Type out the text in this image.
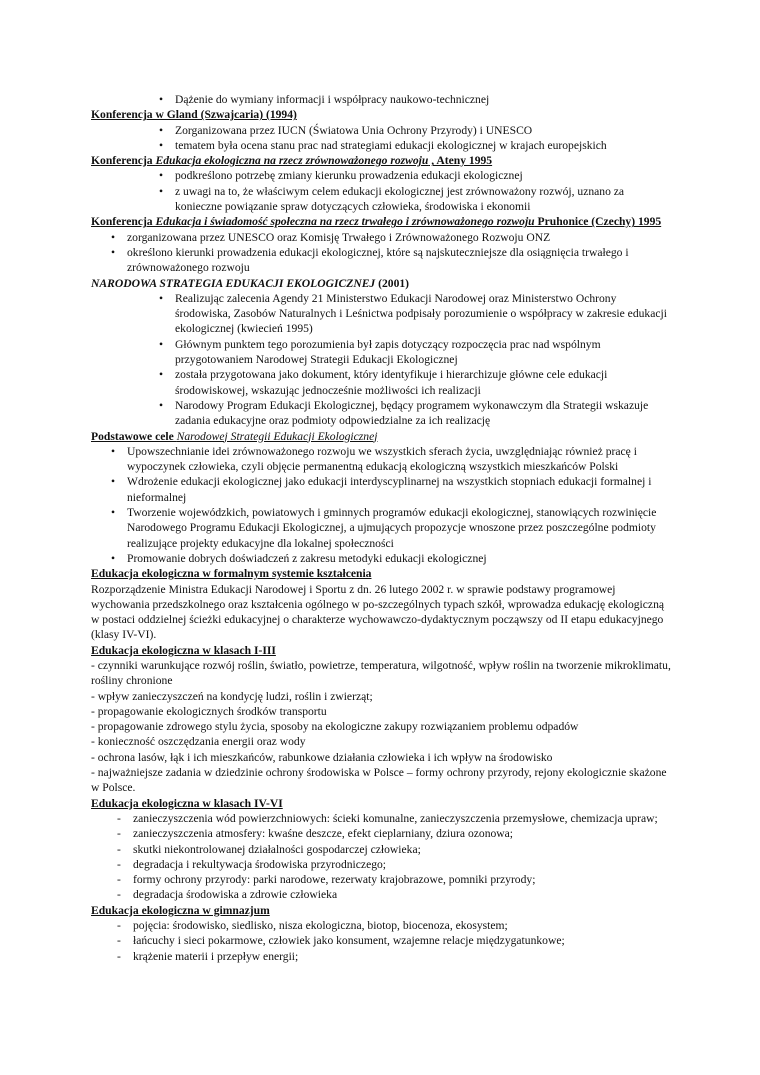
•	Dążenie do wymiany informacji i współpracy naukowo-technicznej

Konferencja w Gland (Szwajcaria) (1994)

•	Zorganizowana przez IUCN (Światowa Unia Ochrony Przyrody) i UNESCO
•	tematem była ocena stanu prac nad strategiami edukacji ekologicznej w krajach europejskich

Konferencja Edukacja ekologiczna na rzecz zrównoważonego rozwoju , Ateny 1995

•	podkreślono potrzebę zmiany kierunku prowadzenia edukacji ekologicznej
•	z uwagi na to, że właściwym celem edukacji ekologicznej jest zrównoważony rozwój, uznano za konieczne powiązanie spraw dotyczących człowieka, środowiska i ekonomii

Konferencja Edukacja i świadomość społeczna na rzecz trwałego i zrównoważonego rozwoju Pruhonice (Czechy) 1995

•	zorganizowana przez UNESCO oraz Komisję Trwałego i Zrównoważonego Rozwoju ONZ
•	określono kierunki prowadzenia edukacji ekologicznej, które są najskuteczniejsze dla osiągnięcia trwałego i zrównoważonego rozwoju

NARODOWA STRATEGIA EDUKACJI EKOLOGICZNEJ (2001)

•	Realizując zalecenia Agendy 21 Ministerstwo Edukacji Narodowej oraz Ministerstwo Ochrony środowiska, Zasobów Naturalnych i Leśnictwa podpisały porozumienie o współpracy w zakresie edukacji ekologicznej (kwiecień 1995)
•	Głównym punktem tego porozumienia był zapis dotyczący rozpoczęcia prac nad wspólnym przygotowaniem Narodowej Strategii Edukacji Ekologicznej
•	została przygotowana jako dokument, który identyfikuje i hierarchizuje główne cele edukacji środowiskowej, wskazując jednocześnie możliwości ich realizacji
•	Narodowy Program Edukacji Ekologicznej, będący programem wykonawczym dla Strategii wskazuje zadania edukacyjne oraz podmioty odpowiedzialne za ich realizację

Podstawowe cele Narodowej Strategii Edukacji Ekologicznej

•	Upowszechnianie idei zrównoważonego rozwoju we wszystkich sferach życia, uwzględniając również pracę i wypoczynek człowieka, czyli objęcie permanentną edukacją ekologiczną wszystkich mieszkańców Polski
•	Wdrożenie edukacji ekologicznej jako edukacji interdyscyplinarnej na wszystkich stopniach edukacji formalnej i nieformalnej
•	Tworzenie wojewódzkich, powiatowych i gminnych programów edukacji ekologicznej, stanowiących rozwinięcie Narodowego Programu Edukacji Ekologicznej, a ujmujących propozycje wnoszone przez poszczególne podmioty realizujące projekty edukacyjne dla lokalnej społeczności
•	Promowanie dobrych doświadczeń z zakresu metodyki edukacji ekologicznej

Edukacja ekologiczna w formalnym systemie kształcenia

Rozporządzenie Ministra Edukacji Narodowej i Sportu z dn. 26 lutego 2002 r. w sprawie podstawy programowej wychowania przedszkolnego oraz kształcenia ogólnego w po-szczególnych typach szkół, wprowadza edukację ekologiczną w postaci oddzielnej ścieżki edukacyjnej o charakterze wychowawczo-dydaktycznym począwszy od II etapu edukacyjnego (klasy IV-VI).

Edukacja ekologiczna w klasach I-III

- czynniki warunkujące rozwój roślin, światło, powietrze, temperatura, wilgotność, wpływ roślin na tworzenie mikroklimatu, rośliny chronione

- wpływ zanieczyszczeń na kondycję ludzi, roślin i zwierząt;

- propagowanie ekologicznych środków transportu

- propagowanie zdrowego stylu życia, sposoby na ekologiczne zakupy rozwiązaniem problemu odpadów

- konieczność oszczędzania energii oraz wody

- ochrona lasów, łąk i ich mieszkańców, rabunkowe działania człowieka i ich wpływ na środowisko

- najważniejsze zadania w dziedzinie ochrony środowiska w Polsce – formy ochrony przyrody, rejony ekologicznie skażone w Polsce.

Edukacja ekologiczna w klasach IV-VI

-	zanieczyszczenia wód powierzchniowych: ścieki komunalne, zanieczyszczenia przemysłowe, chemizacja upraw;
-	zanieczyszczenia atmosfery: kwaśne deszcze, efekt cieplarniany, dziura ozonowa;
-	skutki niekontrolowanej działalności gospodarczej człowieka;
-	degradacja i rekultywacja środowiska przyrodniczego;
-	formy ochrony przyrody: parki narodowe, rezerwaty krajobrazowe, pomniki przyrody;
-	degradacja środowiska a zdrowie człowieka

Edukacja ekologiczna w gimnazjum

-	pojęcia: środowisko, siedlisko, nisza ekologiczna, biotop, biocenoza, ekosystem;
-	łańcuchy i sieci pokarmowe, człowiek jako konsument, wzajemne relacje międzygatunkowe;
-	krążenie materii i przepływ energii;
